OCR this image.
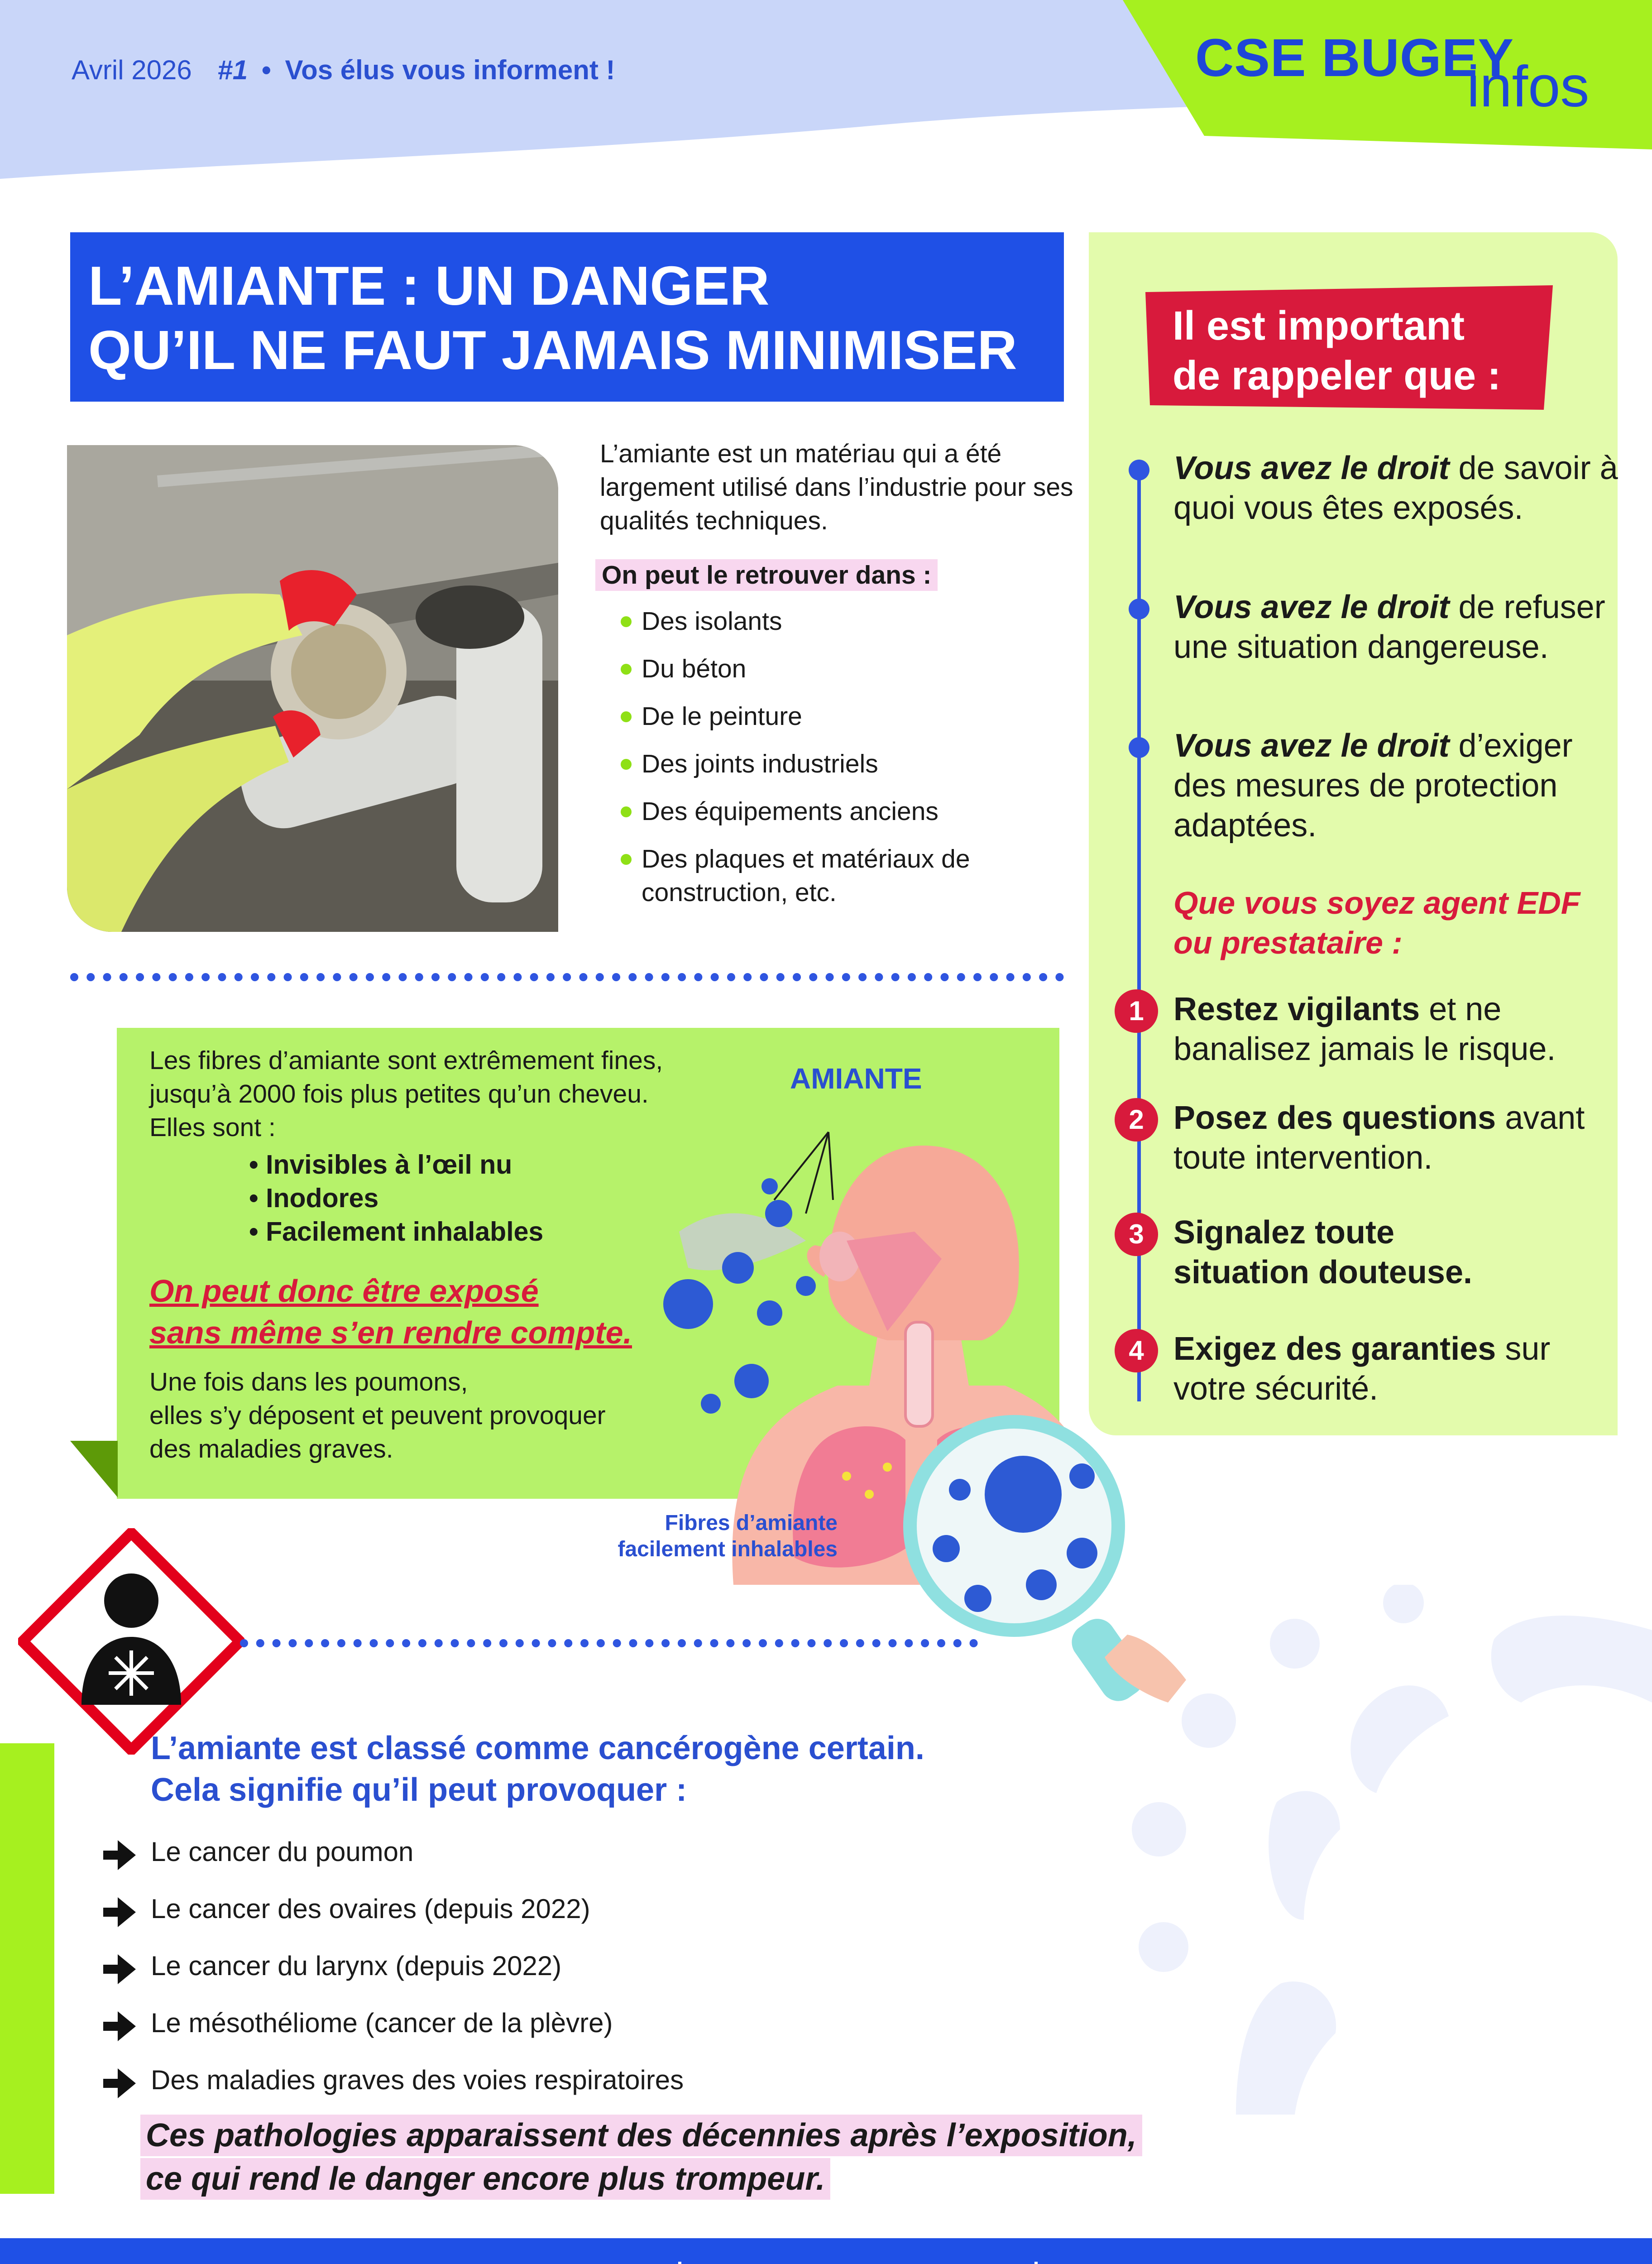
Avril 2026 #1 • Vos élus vous informent !	CSE BUGEY
infos
L’AMIANTE : UN DANGER
QU’IL NE FAUT JAMAIS MINIMISER
L’amiante est un matériau qui a été largement utilisé dans l’industrie pour ses qualités techniques.
On peut le retrouver dans :
Des isolants
Du béton
De le peinture
Des joints industriels
Des équipements anciens
Des plaques et matériaux de construction, etc.
Les fibres d’amiante sont extrêmement fines,
jusqu’à 2000 fois plus petites qu’un cheveu.
Elles sont :
• Invisibles à l’œil nu
• Inodores
• Facilement inhalables
On peut donc être exposé
sans même s’en rendre compte.
Une fois dans les poumons,
elles s’y déposent et peuvent provoquer
des maladies graves.
AMIANTE
Fibres d’amiante
facilement inhalables
Il est important
de rappeler que :
Vous avez le droit de savoir à quoi vous êtes exposés.
Vous avez le droit de refuser une situation dangereuse.
Vous avez le droit d’exiger des mesures de protection adaptées.
Que vous soyez agent EDF
ou prestataire :
1 Restez vigilants et ne banalisez jamais le risque.
2 Posez des questions avant toute intervention.
3 Signalez toute situation douteuse.
4 Exigez des garanties sur votre sécurité.
L’amiante est classé comme cancérogène certain.
Cela signifie qu’il peut provoquer :
Le cancer du poumon
Le cancer des ovaires (depuis 2022)
Le cancer du larynx (depuis 2022)
Le mésothéliome (cancer de la plèvre)
Des maladies graves des voies respiratoires
Ces pathologies apparaissent des décennies après l’exposition,
ce qui rend le danger encore plus trompeur.
